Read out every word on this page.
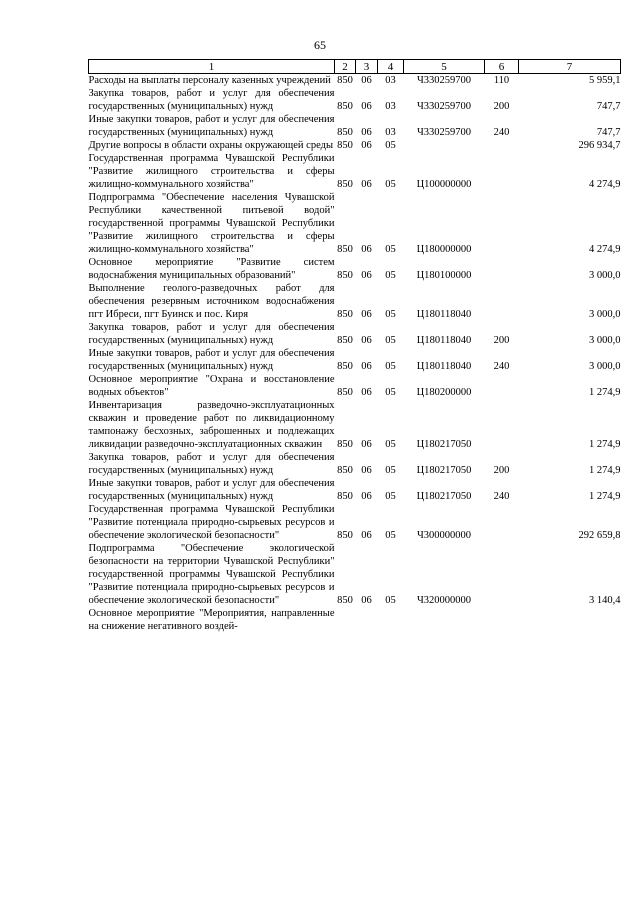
65
1	2	3	4	5	6	7
Расходы на выплаты персоналу казенных учреждений	850	06	03	Ч330259700	110	5 959,1
Закупка товаров, работ и услуг для обеспечения государственных (муниципальных) нужд	850	06	03	Ч330259700	200	747,7
Иные закупки товаров, работ и услуг для обеспечения государственных (муниципальных) нужд	850	06	03	Ч330259700	240	747,7
Другие вопросы в области охраны окружающей среды	850	06	05			296 934,7
Государственная программа Чувашской Республики "Развитие жилищного строительства и сферы жилищно-коммунального хозяйства"	850	06	05	Ц100000000		4 274,9
Подпрограмма "Обеспечение населения Чувашской Республики качественной питьевой водой" государственной программы Чувашской Республики "Развитие жилищного строительства и сферы жилищно-коммунального хозяйства"	850	06	05	Ц180000000		4 274,9
Основное мероприятие "Развитие систем водоснабжения муниципальных образований"	850	06	05	Ц180100000		3 000,0
Выполнение геолого-разведочных работ для обеспечения резервным источником водоснабжения пгт Ибреси, пгт Буинск и пос. Киря	850	06	05	Ц180118040		3 000,0
Закупка товаров, работ и услуг для обеспечения государственных (муниципальных) нужд	850	06	05	Ц180118040	200	3 000,0
Иные закупки товаров, работ и услуг для обеспечения государственных (муниципальных) нужд	850	06	05	Ц180118040	240	3 000,0
Основное мероприятие "Охрана и восстановление водных объектов"	850	06	05	Ц180200000		1 274,9
Инвентаризация разведочно-эксплуатационных скважин и проведение работ по ликвидационному тампонажу бесхозных, заброшенных и подлежащих ликвидации разведочно-эксплуатационных скважин	850	06	05	Ц180217050		1 274,9
Закупка товаров, работ и услуг для обеспечения государственных (муниципальных) нужд	850	06	05	Ц180217050	200	1 274,9
Иные закупки товаров, работ и услуг для обеспечения государственных (муниципальных) нужд	850	06	05	Ц180217050	240	1 274,9
Государственная программа Чувашской Республики "Развитие потенциала природно-сырьевых ресурсов и обеспечение экологической безопасности"	850	06	05	Ч300000000		292 659,8
Подпрограмма "Обеспечение экологической безопасности на территории Чувашской Республики" государственной программы Чувашской Республики "Развитие потенциала природно-сырьевых ресурсов и обеспечение экологической безопасности"	850	06	05	Ч320000000		3 140,4
Основное мероприятие "Мероприятия, направленные на снижение негативного воздей-						
